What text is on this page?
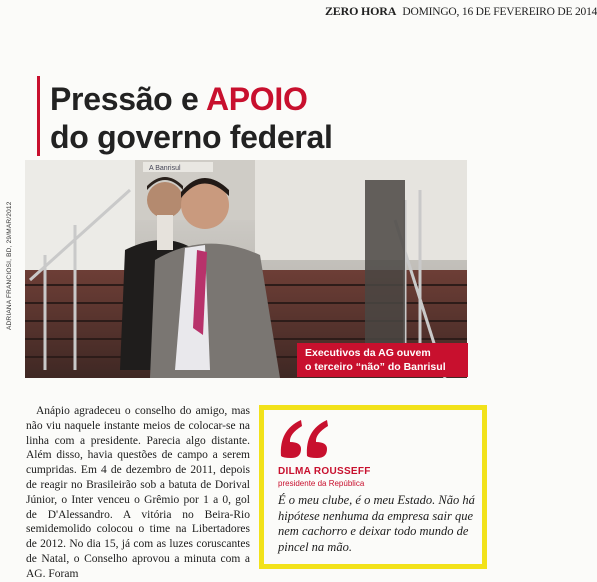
ZERO HORA DOMINGO, 16 DE FEVEREIRO DE 2014
Pressão e APOIO
do governo federal
ADRIANA FRANCIOSI, BD, 29/MAR/2012
A Banrisul
Executivos da AG ouvem
o terceiro “não” do Banrisul

Anápio agradeceu o conselho do amigo, mas não viu naquele instante meios de colocar-se na linha com a presidente. Parecia algo distante. Além disso, havia questões de campo a serem cumpridas. Em 4 de dezembro de 2011, depois de reagir no Brasileirão sob a batuta de Dorival Júnior, o Inter venceu o Grêmio por 1 a 0, gol de D'Alessandro. A vitória no Beira-Rio semidemolido colocou o time na Libertadores de 2012. No dia 15, já com as luzes coruscantes de Natal, o Conselho aprovou a minuta com a AG. Foram

DILMA ROUSSEFF
presidente da República
É o meu clube, é o meu Estado. Não há hipótese nenhuma da empresa sair que nem cachorro e deixar todo mundo de pincel na mão.
